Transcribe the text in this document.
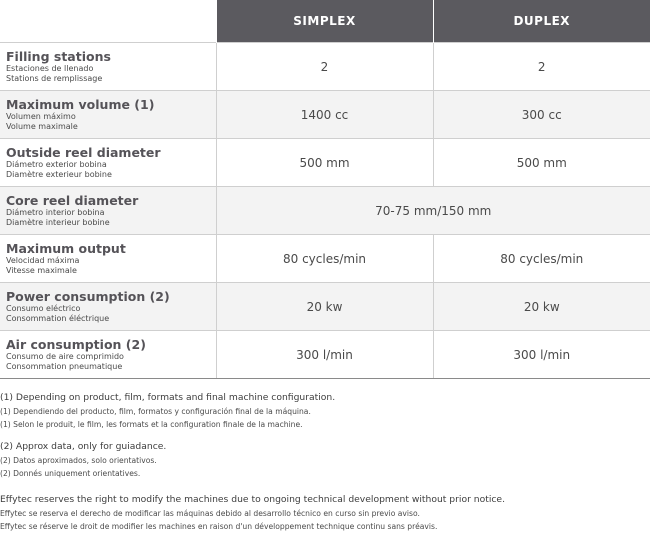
	SIMPLEX	DUPLEX

Filling stations
Estaciones de llenado
Stations de remplissage	2	2

Maximum volume (1)
Volumen máximo
Volume maximale	1400 cc	300 cc

Outside reel diameter
Diámetro exterior bobina
Diamètre exterieur bobine	500 mm	500 mm

Core reel diameter
Diámetro interior bobina
Diamètre interieur bobine	70-75 mm/150 mm	

Maximum output
Velocidad máxima
Vitesse maximale	80 cycles/min	80 cycles/min

Power consumption (2)
Consumo eléctrico
Consommation éléctrique	20 kw	20 kw

Air consumption (2)
Consumo de aire comprimido
Consommation pneumatique	300 l/min	300 l/min
(1) Depending on product, film, formats and final machine configuration.
(1) Dependiendo del producto, film, formatos y configuración final de la máquina.
(1) Selon le produit, le film, les formats et la configuration finale de la machine.
(2) Approx data, only for guiadance.
(2) Datos aproximados, solo orientativos.
(2) Donnés uniquement orientatives.
Effytec reserves the right to modify the machines due to ongoing technical development without prior notice.
Effytec se reserva el derecho de modificar las máquinas debido al desarrollo técnico en curso sin previo aviso.
Effytec se réserve le droit de modifier les machines en raison d'un développement technique continu sans préavis.
